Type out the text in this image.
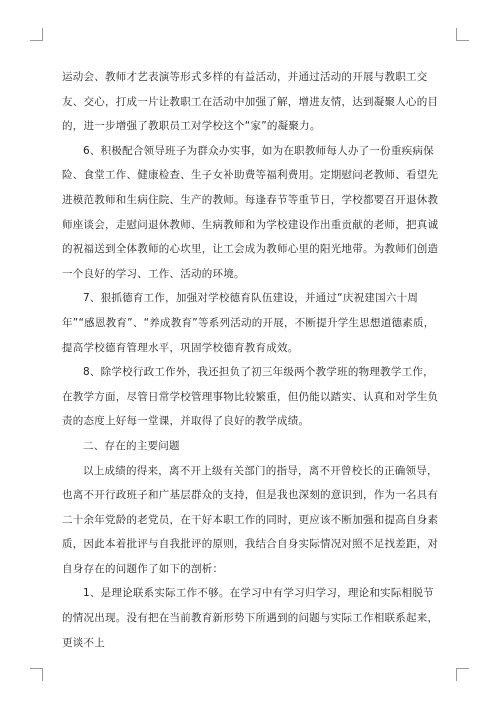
运动会、教师才艺表演等形式多样的有益活动，并通过活动的开展与教职工交友、交心，打成一片让教职工在活动中加强了解，增进友情，达到凝聚人心的目的，进一步增强了教职员工对学校这个“家”的凝聚力。

6、积极配合领导班子为群众办实事，如为在职教师每人办了一份重疾病保险、食堂工作、健康检查、生子女补助费等福利费用。定期慰问老教师、看望先进模范教师和生病住院、生产的教师。每逢春节等重节日，学校都要召开退休教师座谈会，走慰问退休教师、生病教师和为学校建设作出重贡献的老师，把真诚的祝福送到全体教师的心坎里，让工会成为教师心里的阳光地带。为教师们创造一个良好的学习、工作、活动的环境。

7、狠抓德育工作，加强对学校德育队伍建设，并通过“庆祝建国六十周年”“感恩教育”、“养成教育”等系列活动的开展，不断提升学生思想道德素质，提高学校德育管理水平，巩固学校德育教育成效。

8、除学校行政工作外，我还担负了初三年级两个教学班的物理教学工作，在教学方面，尽管日常学校管理事物比较繁重，但仍能以踏实、认真和对学生负责的态度上好每一堂课，并取得了良好的教学成绩。

二、存在的主要问题

以上成绩的得来，离不开上级有关部门的指导，离不开曾校长的正确领导，也离不开行政班子和广基层群众的支持，但是我也深刻的意识到，作为一名具有二十余年党龄的老党员，在干好本职工作的同时，更应该不断加强和提高自身素质，因此本着批评与自我批评的原则，我结合自身实际情况对照不足找差距，对自身存在的问题作了如下的剖析：

1、是理论联系实际工作不够。在学习中有学习归学习，理论和实际相脱节的情况出现。没有把在当前教育新形势下所遇到的问题与实际工作相联系起来，更谈不上
